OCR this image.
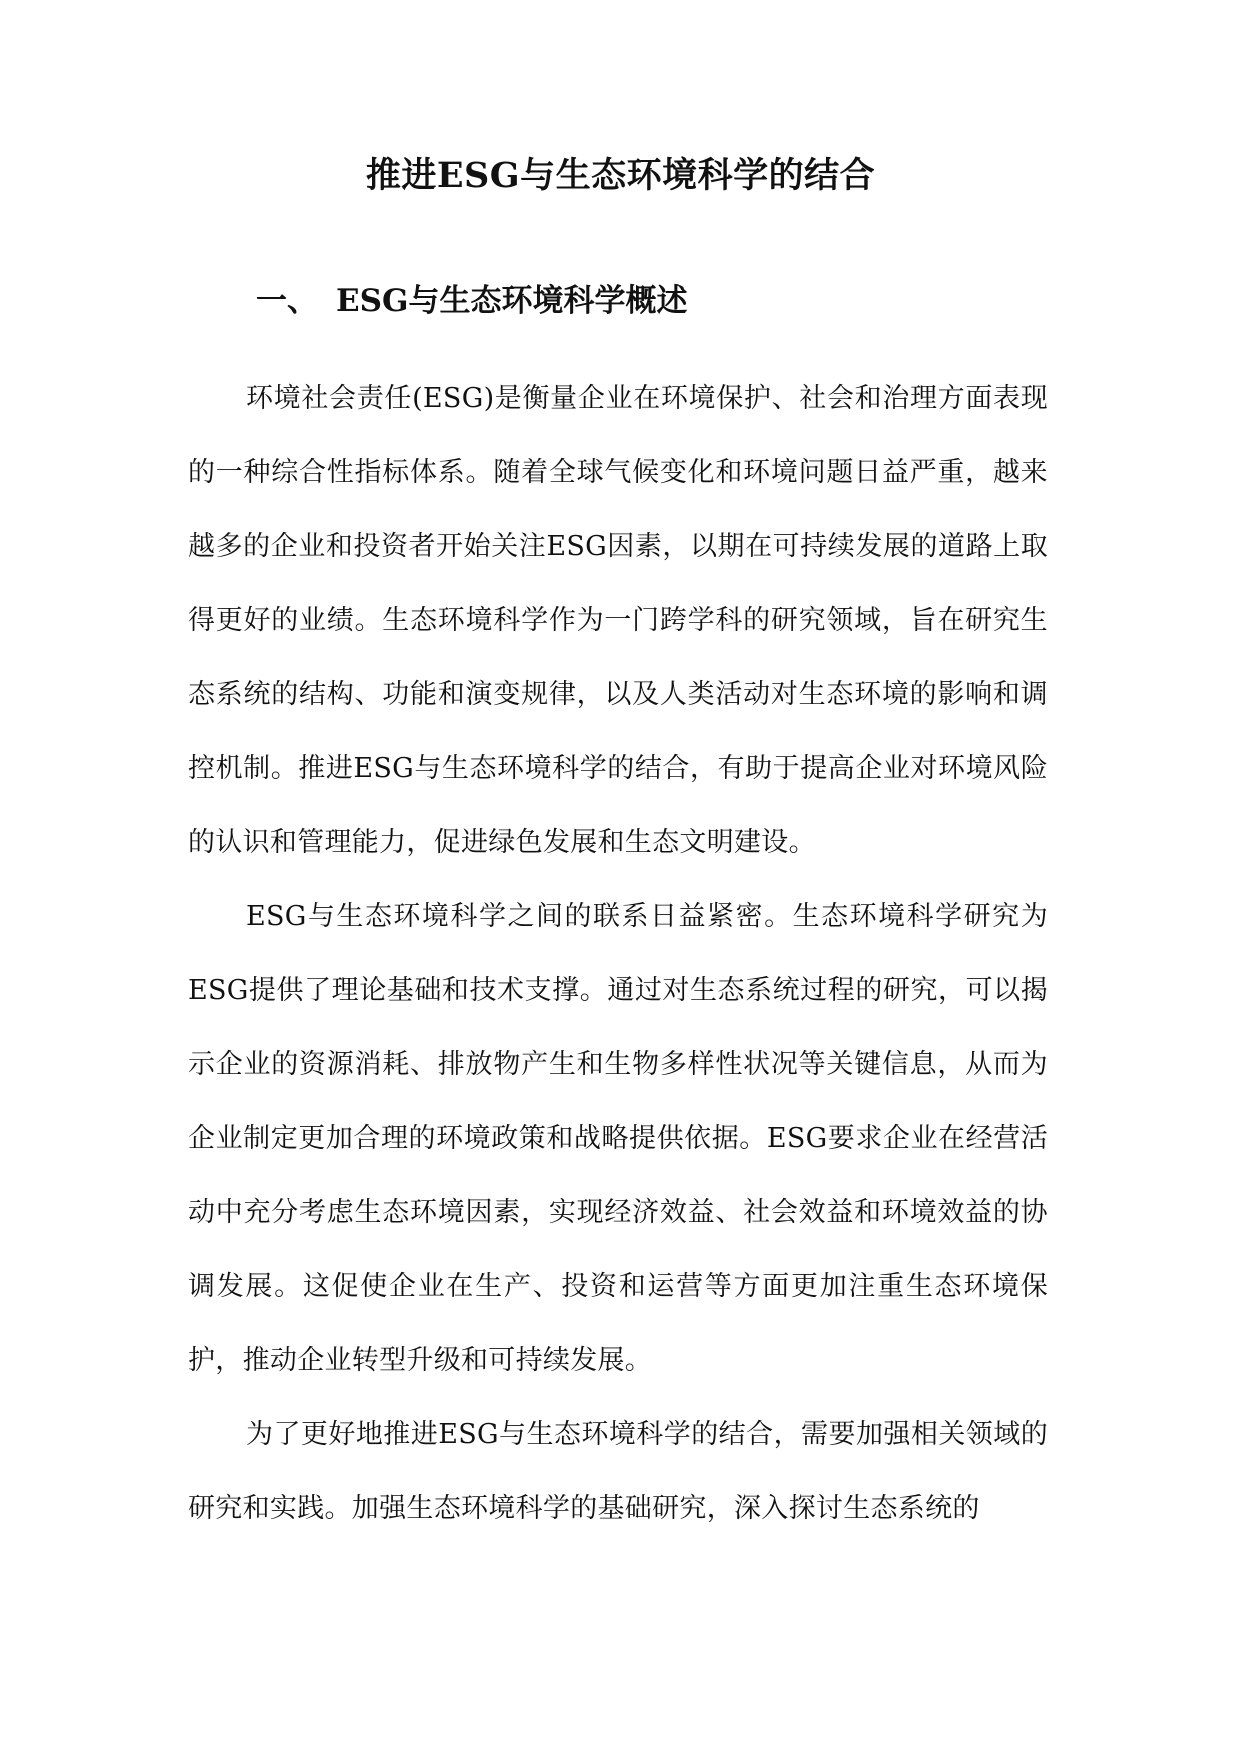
推进ESG与生态环境科学的结合
一、 ESG与生态环境科学概述

环境社会责任(ESG)是衡量企业在环境保护、社会和治理方面表现的一种综合性指标体系。随着全球气候变化和环境问题日益严重，越来越多的企业和投资者开始关注ESG因素，以期在可持续发展的道路上取得更好的业绩。生态环境科学作为一门跨学科的研究领域，旨在研究生态系统的结构、功能和演变规律，以及人类活动对生态环境的影响和调控机制。推进ESG与生态环境科学的结合，有助于提高企业对环境风险的认识和管理能力，促进绿色发展和生态文明建设。

ESG与生态环境科学之间的联系日益紧密。生态环境科学研究为ESG提供了理论基础和技术支撑。通过对生态系统过程的研究，可以揭示企业的资源消耗、排放物产生和生物多样性状况等关键信息，从而为企业制定更加合理的环境政策和战略提供依据。ESG要求企业在经营活动中充分考虑生态环境因素，实现经济效益、社会效益和环境效益的协调发展。这促使企业在生产、投资和运营等方面更加注重生态环境保护，推动企业转型升级和可持续发展。

为了更好地推进ESG与生态环境科学的结合，需要加强相关领域的研究和实践。加强生态环境科学的基础研究，深入探讨生态系统的
